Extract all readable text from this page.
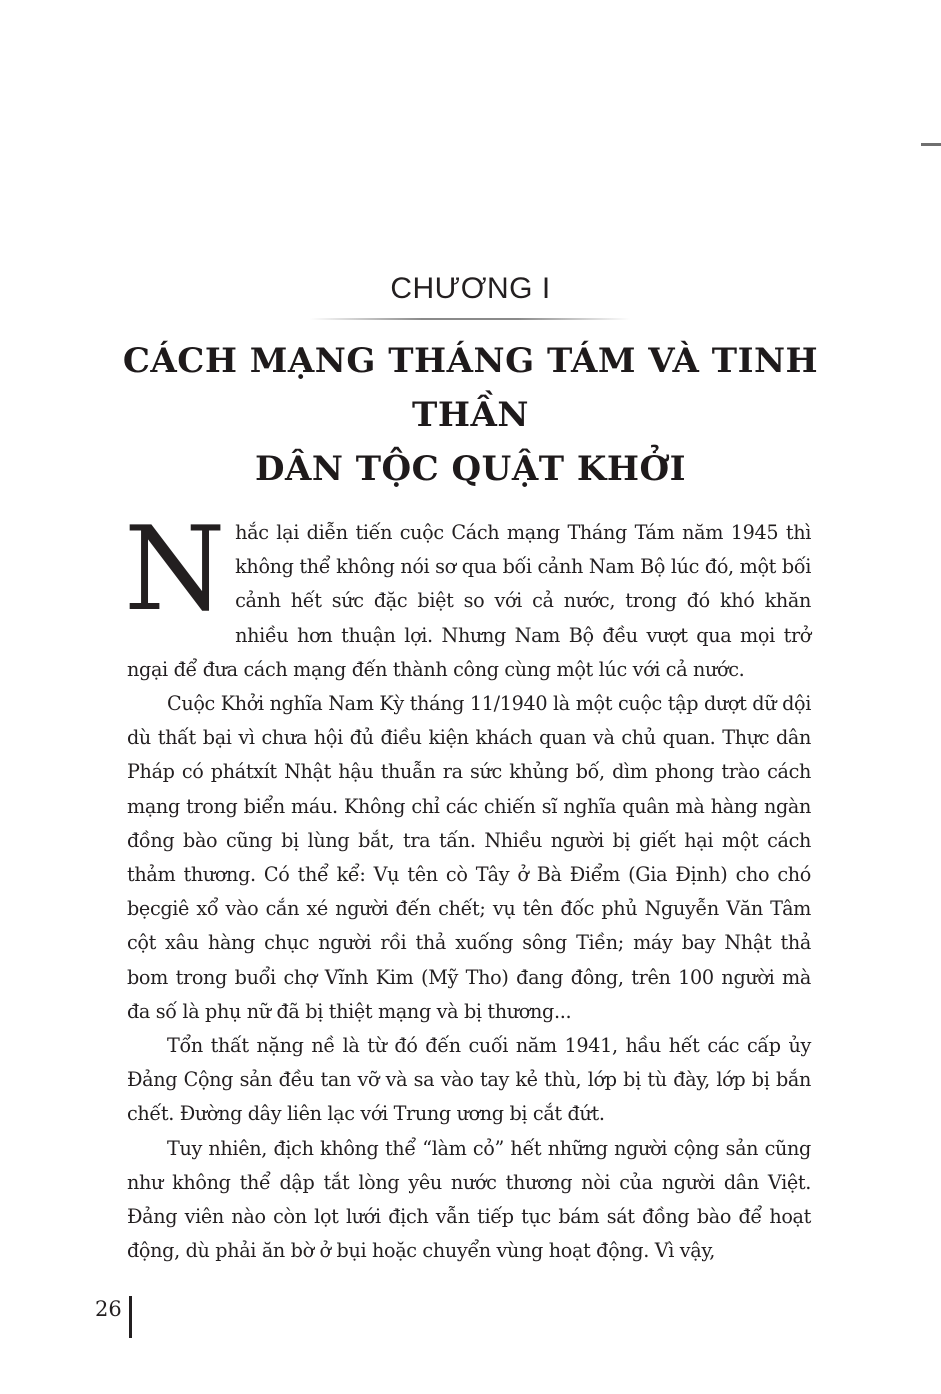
CHƯƠNG I
CÁCH MẠNG THÁNG TÁM VÀ TINH THẦN
DÂN TỘC QUẬT KHỞI

Nhắc lại diễn tiến cuộc Cách mạng Tháng Tám năm 1945 thì không thể không nói sơ qua bối cảnh Nam Bộ lúc đó, một bối cảnh hết sức đặc biệt so với cả nước, trong đó khó khăn nhiều hơn thuận lợi. Nhưng Nam Bộ đều vượt qua mọi trở ngại để đưa cách mạng đến thành công cùng một lúc với cả nước.

Cuộc Khởi nghĩa Nam Kỳ tháng 11/1940 là một cuộc tập dượt dữ dội dù thất bại vì chưa hội đủ điều kiện khách quan và chủ quan. Thực dân Pháp có phátxít Nhật hậu thuẫn ra sức khủng bố, dìm phong trào cách mạng trong biển máu. Không chỉ các chiến sĩ nghĩa quân mà hàng ngàn đồng bào cũng bị lùng bắt, tra tấn. Nhiều người bị giết hại một cách thảm thương. Có thể kể: Vụ tên cò Tây ở Bà Điểm (Gia Định) cho chó bẹcgiê xổ vào cắn xé người đến chết; vụ tên đốc phủ Nguyễn Văn Tâm cột xâu hàng chục người rồi thả xuống sông Tiền; máy bay Nhật thả bom trong buổi chợ Vĩnh Kim (Mỹ Tho) đang đông, trên 100 người mà đa số là phụ nữ đã bị thiệt mạng và bị thương...

Tổn thất nặng nề là từ đó đến cuối năm 1941, hầu hết các cấp ủy Đảng Cộng sản đều tan vỡ và sa vào tay kẻ thù, lớp bị tù đày, lớp bị bắn chết. Đường dây liên lạc với Trung ương bị cắt đứt.

Tuy nhiên, địch không thể “làm cỏ” hết những người cộng sản cũng như không thể dập tắt lòng yêu nước thương nòi của người dân Việt. Đảng viên nào còn lọt lưới địch vẫn tiếp tục bám sát đồng bào để hoạt động, dù phải ăn bờ ở bụi hoặc chuyển vùng hoạt động. Vì vậy,

26
